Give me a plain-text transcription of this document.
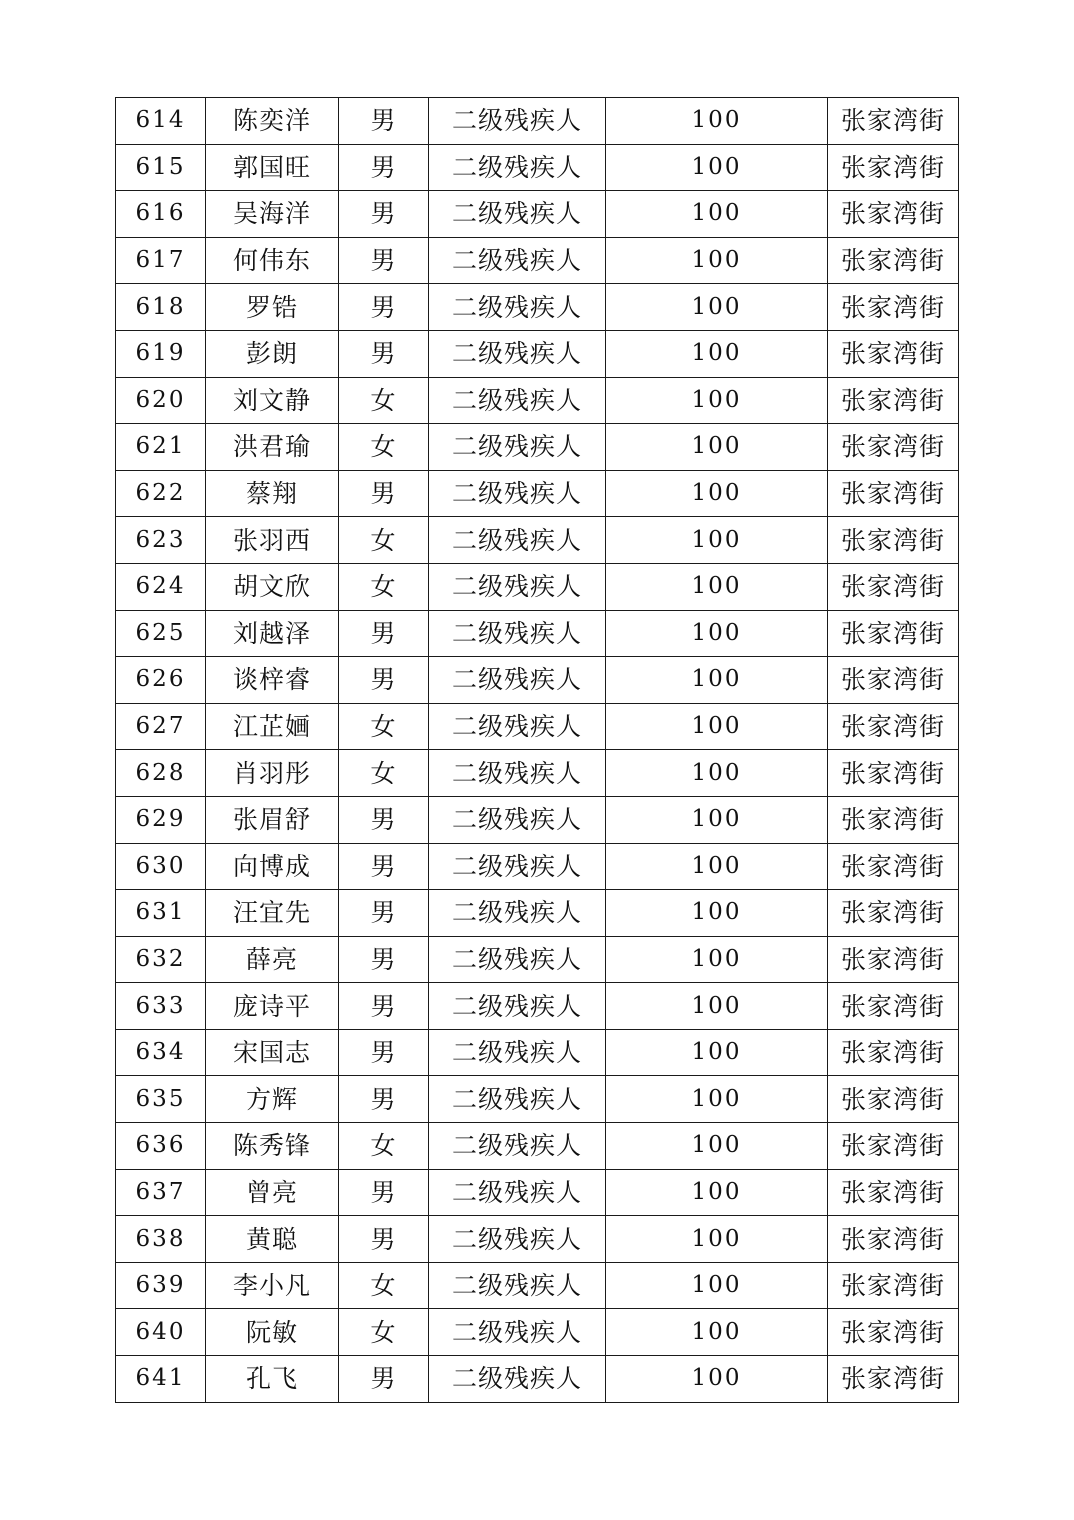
614	陈奕洋	男	二级残疾人	100	张家湾街
615	郭国旺	男	二级残疾人	100	张家湾街
616	吴海洋	男	二级残疾人	100	张家湾街
617	何伟东	男	二级残疾人	100	张家湾街
618	罗锆	男	二级残疾人	100	张家湾街
619	彭朗	男	二级残疾人	100	张家湾街
620	刘文静	女	二级残疾人	100	张家湾街
621	洪君瑜	女	二级残疾人	100	张家湾街
622	蔡翔	男	二级残疾人	100	张家湾街
623	张羽西	女	二级残疾人	100	张家湾街
624	胡文欣	女	二级残疾人	100	张家湾街
625	刘越泽	男	二级残疾人	100	张家湾街
626	谈梓睿	男	二级残疾人	100	张家湾街
627	江芷婳	女	二级残疾人	100	张家湾街
628	肖羽彤	女	二级残疾人	100	张家湾街
629	张眉舒	男	二级残疾人	100	张家湾街
630	向博成	男	二级残疾人	100	张家湾街
631	汪宜先	男	二级残疾人	100	张家湾街
632	薛亮	男	二级残疾人	100	张家湾街
633	庞诗平	男	二级残疾人	100	张家湾街
634	宋国志	男	二级残疾人	100	张家湾街
635	方辉	男	二级残疾人	100	张家湾街
636	陈秀锋	女	二级残疾人	100	张家湾街
637	曾亮	男	二级残疾人	100	张家湾街
638	黄聪	男	二级残疾人	100	张家湾街
639	李小凡	女	二级残疾人	100	张家湾街
640	阮敏	女	二级残疾人	100	张家湾街
641	孔飞	男	二级残疾人	100	张家湾街
